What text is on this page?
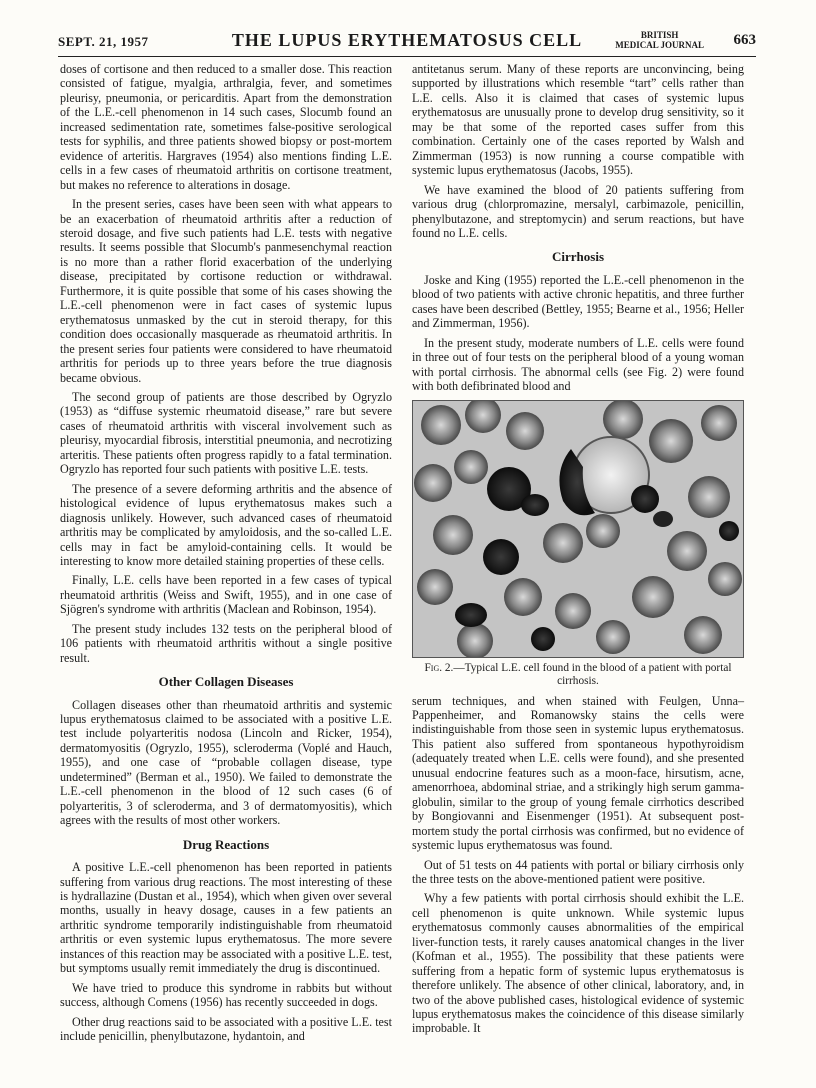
SEPT. 21, 1957	THE LUPUS ERYTHEMATOSUS CELL	BRITISH
MEDICAL JOURNAL 663

doses of cortisone and then reduced to a smaller dose. This reaction consisted of fatigue, myalgia, arthralgia, fever, and sometimes pleurisy, pneumonia, or pericarditis. Apart from the demonstration of the L.E.-cell phenomenon in 14 such cases, Slocumb found an increased sedimentation rate, sometimes false-positive serological tests for syphilis, and three patients showed biopsy or post-mortem evidence of arteritis. Hargraves (1954) also mentions finding L.E. cells in a few cases of rheumatoid arthritis on cortisone treatment, but makes no reference to alterations in dosage.

In the present series, cases have been seen with what appears to be an exacerbation of rheumatoid arthritis after a reduction of steroid dosage, and five such patients had L.E. tests with negative results. It seems possible that Slocumb's panmesenchymal reaction is no more than a rather florid exacerbation of the underlying disease, precipitated by cortisone reduction or withdrawal. Furthermore, it is quite possible that some of his cases showing the L.E.-cell phenomenon were in fact cases of systemic lupus erythematosus unmasked by the cut in steroid therapy, for this condition does occasionally masquerade as rheumatoid arthritis. In the present series four patients were considered to have rheumatoid arthritis for periods up to three years before the true diagnosis became obvious.

The second group of patients are those described by Ogryzlo (1953) as “diffuse systemic rheumatoid disease,” rare but severe cases of rheumatoid arthritis with visceral involvement such as pleurisy, myocardial fibrosis, interstitial pneumonia, and necrotizing arteritis. These patients often progress rapidly to a fatal termination. Ogryzlo has reported four such patients with positive L.E. tests.

The presence of a severe deforming arthritis and the absence of histological evidence of lupus erythematosus makes such a diagnosis unlikely. However, such advanced cases of rheumatoid arthritis may be complicated by amyloidosis, and the so-called L.E. cells may in fact be amyloid-containing cells. It would be interesting to know more detailed staining properties of these cells.

Finally, L.E. cells have been reported in a few cases of typical rheumatoid arthritis (Weiss and Swift, 1955), and in one case of Sjögren's syndrome with arthritis (Maclean and Robinson, 1954).

The present study includes 132 tests on the peripheral blood of 106 patients with rheumatoid arthritis without a single positive result.

Other Collagen Diseases

Collagen diseases other than rheumatoid arthritis and systemic lupus erythematosus claimed to be associated with a positive L.E. test include polyarteritis nodosa (Lincoln and Ricker, 1954), dermatomyositis (Ogryzlo, 1955), scleroderma (Voplé and Hauch, 1955), and one case of “probable collagen disease, type undetermined” (Berman et al., 1950). We failed to demonstrate the L.E.-cell phenomenon in the blood of 12 such cases (6 of polyarteritis, 3 of scleroderma, and 3 of dermatomyositis), which agrees with the results of most other workers.

Drug Reactions

A positive L.E.-cell phenomenon has been reported in patients suffering from various drug reactions. The most interesting of these is hydrallazine (Dustan et al., 1954), which when given over several months, usually in heavy dosage, causes in a few patients an arthritic syndrome temporarily indistinguishable from rheumatoid arthritis or even systemic lupus erythematosus. The more severe instances of this reaction may be associated with a positive L.E. test, but symptoms usually remit immediately the drug is discontinued.

We have tried to produce this syndrome in rabbits but without success, although Comens (1956) has recently succeeded in dogs.

Other drug reactions said to be associated with a positive L.E. test include penicillin, phenylbutazone, hydantoin, and

antitetanus serum. Many of these reports are unconvincing, being supported by illustrations which resemble “tart” cells rather than L.E. cells. Also it is claimed that cases of systemic lupus erythematosus are unusually prone to develop drug sensitivity, so it may be that some of the reported cases suffer from this combination. Certainly one of the cases reported by Walsh and Zimmerman (1953) is now running a course compatible with systemic lupus erythematosus (Jacobs, 1955).

We have examined the blood of 20 patients suffering from various drug (chlorpromazine, mersalyl, carbimazole, penicillin, phenylbutazone, and streptomycin) and serum reactions, but have found no L.E. cells.

Cirrhosis

Joske and King (1955) reported the L.E.-cell phenomenon in the blood of two patients with active chronic hepatitis, and three further cases have been described (Bettley, 1955; Bearne et al., 1956; Heller and Zimmerman, 1956).

In the present study, moderate numbers of L.E. cells were found in three out of four tests on the peripheral blood of a young woman with portal cirrhosis. The abnormal cells (see Fig. 2) were found with both defibrinated blood and

Fig. 2.—Typical L.E. cell found in the blood of a patient with portal cirrhosis.

serum techniques, and when stained with Feulgen, Unna–Pappenheimer, and Romanowsky stains the cells were indistinguishable from those seen in systemic lupus erythematosus. This patient also suffered from spontaneous hypothyroidism (adequately treated when L.E. cells were found), and she presented unusual endocrine features such as a moon-face, hirsutism, acne, amenorrhoea, abdominal striae, and a strikingly high serum gamma-globulin, similar to the group of young female cirrhotics described by Bongiovanni and Eisenmenger (1951). At subsequent post-mortem study the portal cirrhosis was confirmed, but no evidence of systemic lupus erythematosus was found.

Out of 51 tests on 44 patients with portal or biliary cirrhosis only the three tests on the above-mentioned patient were positive.

Why a few patients with portal cirrhosis should exhibit the L.E. cell phenomenon is quite unknown. While systemic lupus erythematosus commonly causes abnormalities of the empirical liver-function tests, it rarely causes anatomical changes in the liver (Kofman et al., 1955). The possibility that these patients were suffering from a hepatic form of systemic lupus erythematosus is therefore unlikely. The absence of other clinical, laboratory, and, in two of the above published cases, histological evidence of systemic lupus erythematosus makes the coincidence of this disease similarly improbable. It
